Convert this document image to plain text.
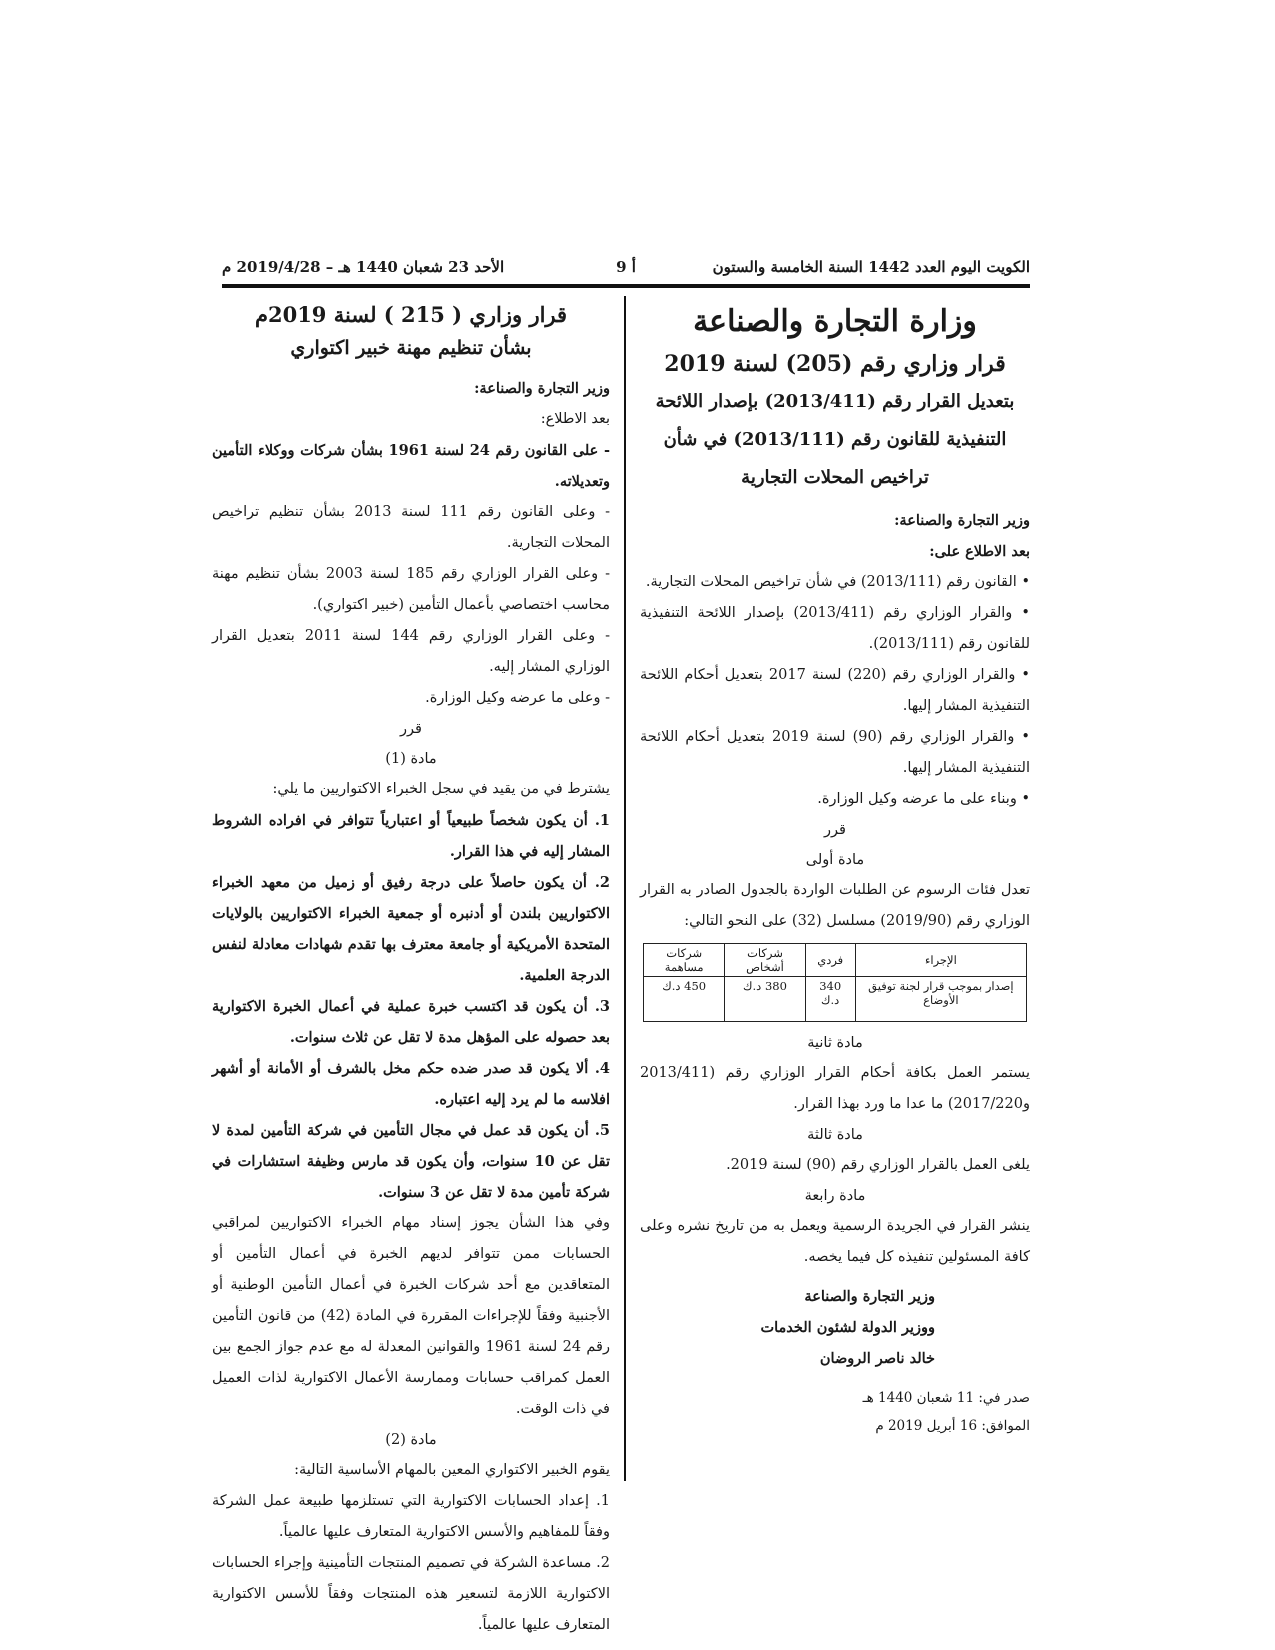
الكويت اليوم العدد 1442 السنة الخامسة والستون
أ 9
الأحد 23 شعبان 1440 هـ – 2019/4/28 م
وزارة التجارة والصناعة
قرار وزاري رقم (205) لسنة 2019
بتعديل القرار رقم (2013/411) بإصدار اللائحة
التنفيذية للقانون رقم (2013/111) في شأن
تراخيص المحلات التجارية

وزير التجارة والصناعة:

بعد الاطلاع على:

• القانون رقم (2013/111) في شأن تراخيص المحلات التجارية.

• والقرار الوزاري رقم (2013/411) بإصدار اللائحة التنفيذية للقانون رقم (2013/111).

• والقرار الوزاري رقم (220) لسنة 2017 بتعديل أحكام اللائحة التنفيذية المشار إليها.

• والقرار الوزاري رقم (90) لسنة 2019 بتعديل أحكام اللائحة التنفيذية المشار إليها.

• وبناء على ما عرضه وكيل الوزارة.

قرر

مادة أولى

تعدل فئات الرسوم عن الطلبات الواردة بالجدول الصادر به القرار الوزاري رقم (2019/90) مسلسل (32) على النحو التالي:

الإجراء	فردي	شركات أشخاص	شركات مساهمة
إصدار بموجب قرار لجنة توفيق الأوضاع	340 د.ك	380 د.ك	450 د.ك

مادة ثانية

يستمر العمل بكافة أحكام القرار الوزاري رقم (2013/411 و2017/220) ما عدا ما ورد بهذا القرار.

مادة ثالثة

يلغى العمل بالقرار الوزاري رقم (90) لسنة 2019.

مادة رابعة

ينشر القرار في الجريدة الرسمية ويعمل به من تاريخ نشره وعلى كافة المسئولين تنفيذه كل فيما يخصه.

وزير التجارة والصناعة

ووزير الدولة لشئون الخدمات

خالد ناصر الروضان

صدر في: 11 شعبان 1440 هـ

الموافق: 16 أبريل 2019 م

قرار وزاري ( 215 ) لسنة 2019م
بشأن تنظيم مهنة خبير اكتواري

وزير التجارة والصناعة:

بعد الاطلاع:

- على القانون رقم 24 لسنة 1961 بشأن شركات ووكلاء التأمين وتعديلاته.

- وعلى القانون رقم 111 لسنة 2013 بشأن تنظيم تراخيص المحلات التجارية.

- وعلى القرار الوزاري رقم 185 لسنة 2003 بشأن تنظيم مهنة محاسب اختصاصي بأعمال التأمين (خبير اكتواري).

- وعلى القرار الوزاري رقم 144 لسنة 2011 بتعديل القرار الوزاري المشار إليه.

- وعلى ما عرضه وكيل الوزارة.

قرر

مادة (1)

يشترط في من يقيد في سجل الخبراء الاكتواريين ما يلي:

1. أن يكون شخصاً طبيعياً أو اعتبارياً تتوافر في افراده الشروط المشار إليه في هذا القرار.

2. أن يكون حاصلاً على درجة رفيق أو زميل من معهد الخبراء الاكتواريين بلندن أو أدنبره أو جمعية الخبراء الاكتواريين بالولايات المتحدة الأمريكية أو جامعة معترف بها تقدم شهادات معادلة لنفس الدرجة العلمية.

3. أن يكون قد اكتسب خبرة عملية في أعمال الخبرة الاكتوارية بعد حصوله على المؤهل مدة لا تقل عن ثلاث سنوات.

4. ألا يكون قد صدر ضده حكم مخل بالشرف أو الأمانة أو أشهر افلاسه ما لم يرد إليه اعتباره.

5. أن يكون قد عمل في مجال التأمين في شركة التأمين لمدة لا تقل عن 10 سنوات، وأن يكون قد مارس وظيفة استشارات في شركة تأمين مدة لا تقل عن 3 سنوات.

وفي هذا الشأن يجوز إسناد مهام الخبراء الاكتواريين لمراقبي الحسابات ممن تتوافر لديهم الخبرة في أعمال التأمين أو المتعاقدين مع أحد شركات الخبرة في أعمال التأمين الوطنية أو الأجنبية وفقاً للإجراءات المقررة في المادة (42) من قانون التأمين رقم 24 لسنة 1961 والقوانين المعدلة له مع عدم جواز الجمع بين العمل كمراقب حسابات وممارسة الأعمال الاكتوارية لذات العميل في ذات الوقت.

مادة (2)

يقوم الخبير الاكتواري المعين بالمهام الأساسية التالية:

1. إعداد الحسابات الاكتوارية التي تستلزمها طبيعة عمل الشركة وفقاً للمفاهيم والأسس الاكتوارية المتعارف عليها عالمياً.

2. مساعدة الشركة في تصميم المنتجات التأمينية وإجراء الحسابات الاكتوارية اللازمة لتسعير هذه المنتجات وفقاً للأسس الاكتوارية المتعارف عليها عالمياً.
